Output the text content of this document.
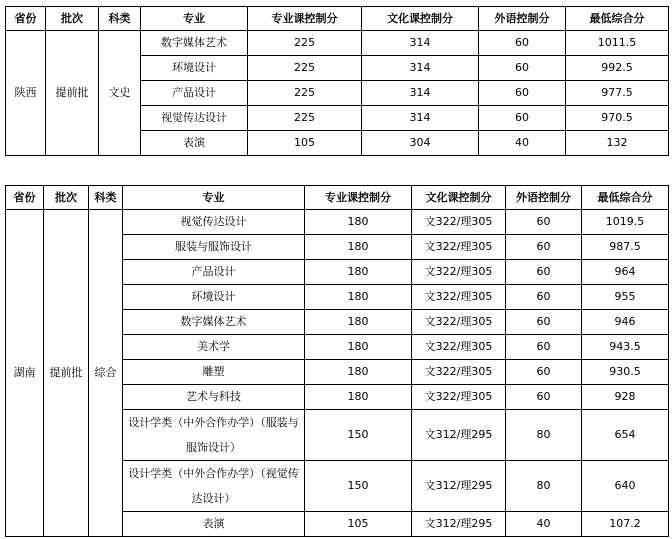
省份	批次	科类	专业	专业课控制分	文化课控制分	外语控制分	最低综合分
陕西	提前批	文史	数字媒体艺术	225	314	60	1011.5
			环境设计	225	314	60	992.5
			产品设计	225	314	60	977.5
			视觉传达设计	225	314	60	970.5
			表演	105	304	40	132
省份	批次	科类	专业	专业课控制分	文化课控制分	外语控制分	最低综合分
湖南	提前批	综合	视觉传达设计	180	文322/理305	60	1019.5
			服装与服饰设计	180	文322/理305	60	987.5
			产品设计	180	文322/理305	60	964
			环境设计	180	文322/理305	60	955
			数字媒体艺术	180	文322/理305	60	946
			美术学	180	文322/理305	60	943.5
			雕塑	180	文322/理305	60	930.5
			艺术与科技	180	文322/理305	60	928
			设计学类（中外合作办学）（服装与服饰设计）	150	文312/理295	80	654
			设计学类（中外合作办学）（视觉传达设计）	150	文312/理295	80	640
			表演	105	文312/理295	40	107.2
